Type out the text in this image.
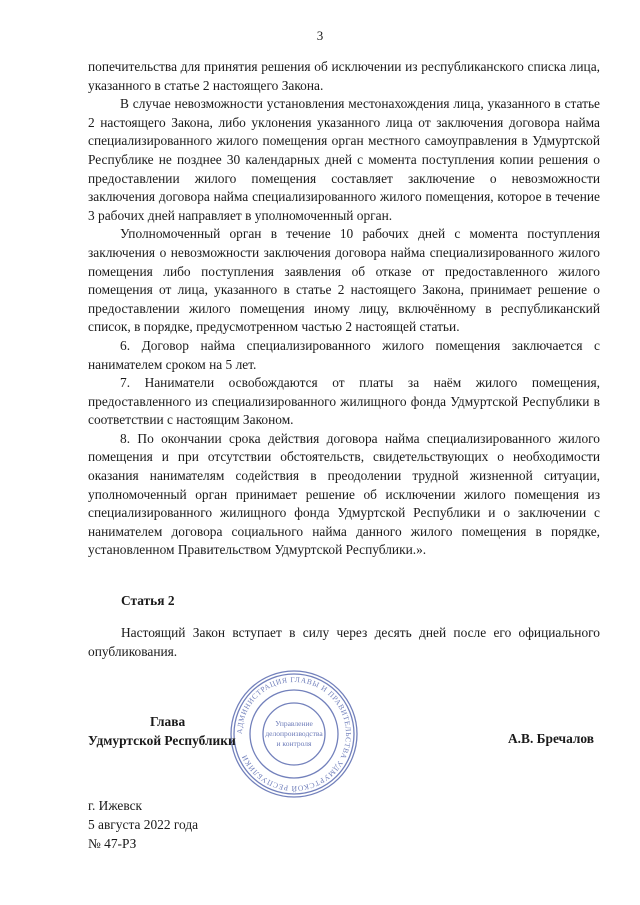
3

попечительства для принятия решения об исключении из республиканского списка лица, указанного в статье 2 настоящего Закона.

В случае невозможности установления местонахождения лица, указанного в статье 2 настоящего Закона, либо уклонения указанного лица от заключения договора найма специализированного жилого помещения орган местного самоуправления в Удмуртской Республике не позднее 30 календарных дней с момента поступления копии решения о предоставлении жилого помещения составляет заключение о невозможности заключения договора найма специализированного жилого помещения, которое в течение 3 рабочих дней направляет в уполномоченный орган.

Уполномоченный орган в течение 10 рабочих дней с момента поступления заключения о невозможности заключения договора найма специализированного жилого помещения либо поступления заявления об отказе от предоставленного жилого помещения от лица, указанного в статье 2 настоящего Закона, принимает решение о предоставлении жилого помещения иному лицу, включённому в республиканский список, в порядке, предусмотренном частью 2 настоящей статьи.

6. Договор найма специализированного жилого помещения заключается с нанимателем сроком на 5 лет.

7. Наниматели освобождаются от платы за наём жилого помещения, предоставленного из специализированного жилищного фонда Удмуртской Республики в соответствии с настоящим Законом.

8. По окончании срока действия договора найма специализированного жилого помещения и при отсутствии обстоятельств, свидетельствующих о необходимости оказания нанимателям содействия в преодолении трудной жизненной ситуации, уполномоченный орган принимает решение об исключении жилого помещения из специализированного жилищного фонда Удмуртской Республики и о заключении с нанимателем договора социального найма данного жилого помещения в порядке, установленном Правительством Удмуртской Республики.».

Статья 2

Настоящий Закон вступает в силу через десять дней после его официального опубликования.

АДМИНИСТРАЦИЯ ГЛАВЫ И ПРАВИТЕЛЬСТВА УДМУРТСКОЙ РЕСПУБЛИКИ
Управление
делопроизводства
и контроля
Глава
Удмуртской Республики	А.В. Бречалов
г. Ижевск
5 августа 2022 года
№ 47-РЗ
